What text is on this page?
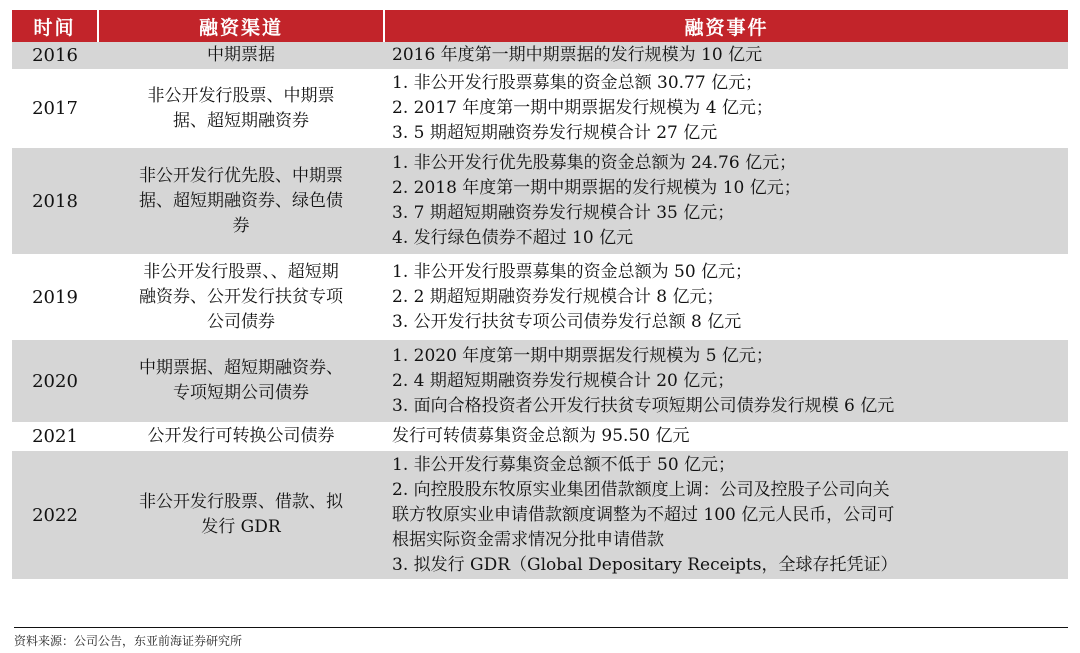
时间	融资渠道	融资事件
2016	中期票据	2016 年度第一期中期票据的发行规模为 10 亿元

2017	非公开发行股票、中期票
据、超短期融资券	1. 非公开发行股票募集的资金总额 30.77 亿元；
2. 2017 年度第一期中期票据发行规模为 4 亿元；
3. 5 期超短期融资券发行规模合计 27 亿元

2018	非公开发行优先股、中期票
据、超短期融资券、绿色债
券	1. 非公开发行优先股募集的资金总额为 24.76 亿元；
2. 2018 年度第一期中期票据的发行规模为 10 亿元；
3. 7 期超短期融资券发行规模合计 35 亿元；
4. 发行绿色债券不超过 10 亿元

2019	非公开发行股票、、超短期
融资券、公开发行扶贫专项
公司债券	1. 非公开发行股票募集的资金总额为 50 亿元；
2. 2 期超短期融资券发行规模合计 8 亿元；
3. 公开发行扶贫专项公司债券发行总额 8 亿元

2020	中期票据、超短期融资券、
专项短期公司债券	1. 2020 年度第一期中期票据发行规模为 5 亿元；
2. 4 期超短期融资券发行规模合计 20 亿元；
3. 面向合格投资者公开发行扶贫专项短期公司债券发行规模 6 亿元

2021	公开发行可转换公司债券	发行可转债募集资金总额为 95.50 亿元

2022	非公开发行股票、借款、拟
发行 GDR	1. 非公开发行募集资金总额不低于 50 亿元；
2. 向控股股东牧原实业集团借款额度上调：公司及控股子公司向关
联方牧原实业申请借款额度调整为不超过 100 亿元人民币，公司可
根据实际资金需求情况分批申请借款
3. 拟发行 GDR（Global Depositary Receipts，全球存托凭证）
资料来源：公司公告，东亚前海证券研究所
